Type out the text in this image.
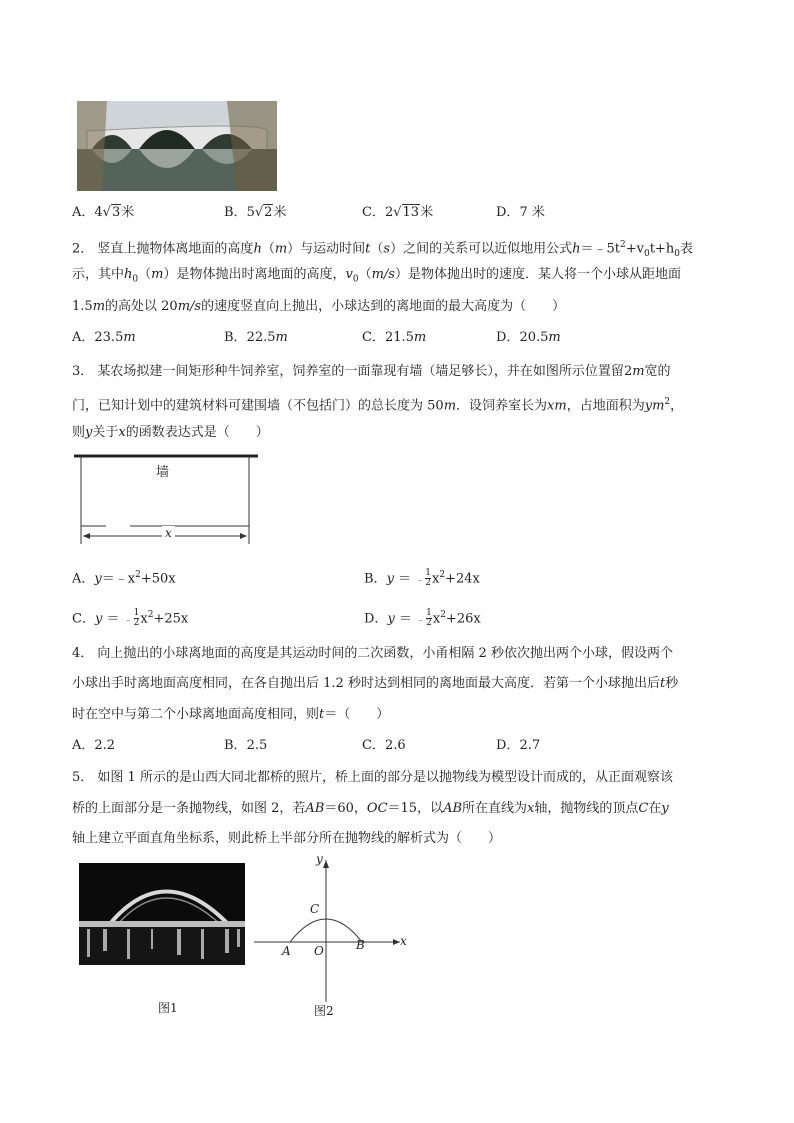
A．4√3米	B．5√2米	C．2√13米	D．7 米
2． 竖直上抛物体离地面的高度h（m）与运动时间t（s）之间的关系可以近似地用公式$h=﹣5t^2+v_0t+h_0$表
示，其中$h_0(m)$是物体抛出时离地面的高度，$v_0(m/s)$是物体抛出时的速度．某人将一个小球从距地面
1.5m的高处以 20m/s的速度竖直向上抛出，小球达到的离地面的最大高度为（　　）
A．23.5m	B．22.5m	C．21.5m	D．20.5m
3． 某农场拟建一间矩形种牛饲养室，饲养室的一面靠现有墙（墙足够长），并在如图所示位置留2m宽的
门，已知计划中的建筑材料可建围墙（不包括门）的总长度为 50m．设饲养室长为xm，占地面积为$ym^2$，
则y关于x的函数表达式是（　　）
墙
x
A．$y=﹣x^2+50x$	B．y ＝ ﹣ $\frac{1}{2} x^2+24x$
C．y ＝ ﹣ $\frac{1}{2} x^2+25x$	D．y ＝ ﹣ $\frac{1}{2} x^2+26x$
4． 向上抛出的小球离地面的高度是其运动时间的二次函数，小甬相隔 2 秒依次抛出两个小球，假设两个
小球出手时离地面高度相同，在各自抛出后 1.2 秒时达到相同的离地面最大高度．若第一个小球抛出后t秒
时在空中与第二个小球离地面高度相同，则t＝（　　）
A．2.2	B．2.5	C．2.6	D．2.7
5． 如图 1 所示的是山西大同北都桥的照片，桥上面的部分是以抛物线为模型设计而成的，从正面观察该
桥的上面部分是一条抛物线，如图 2，若AB＝60，OC＝15，以AB所在直线为x轴，抛物线的顶点C在y
轴上建立平面直角坐标系，则此桥上半部分所在抛物线的解析式为（　　）
图1
y
x
A O	B
C
图2
